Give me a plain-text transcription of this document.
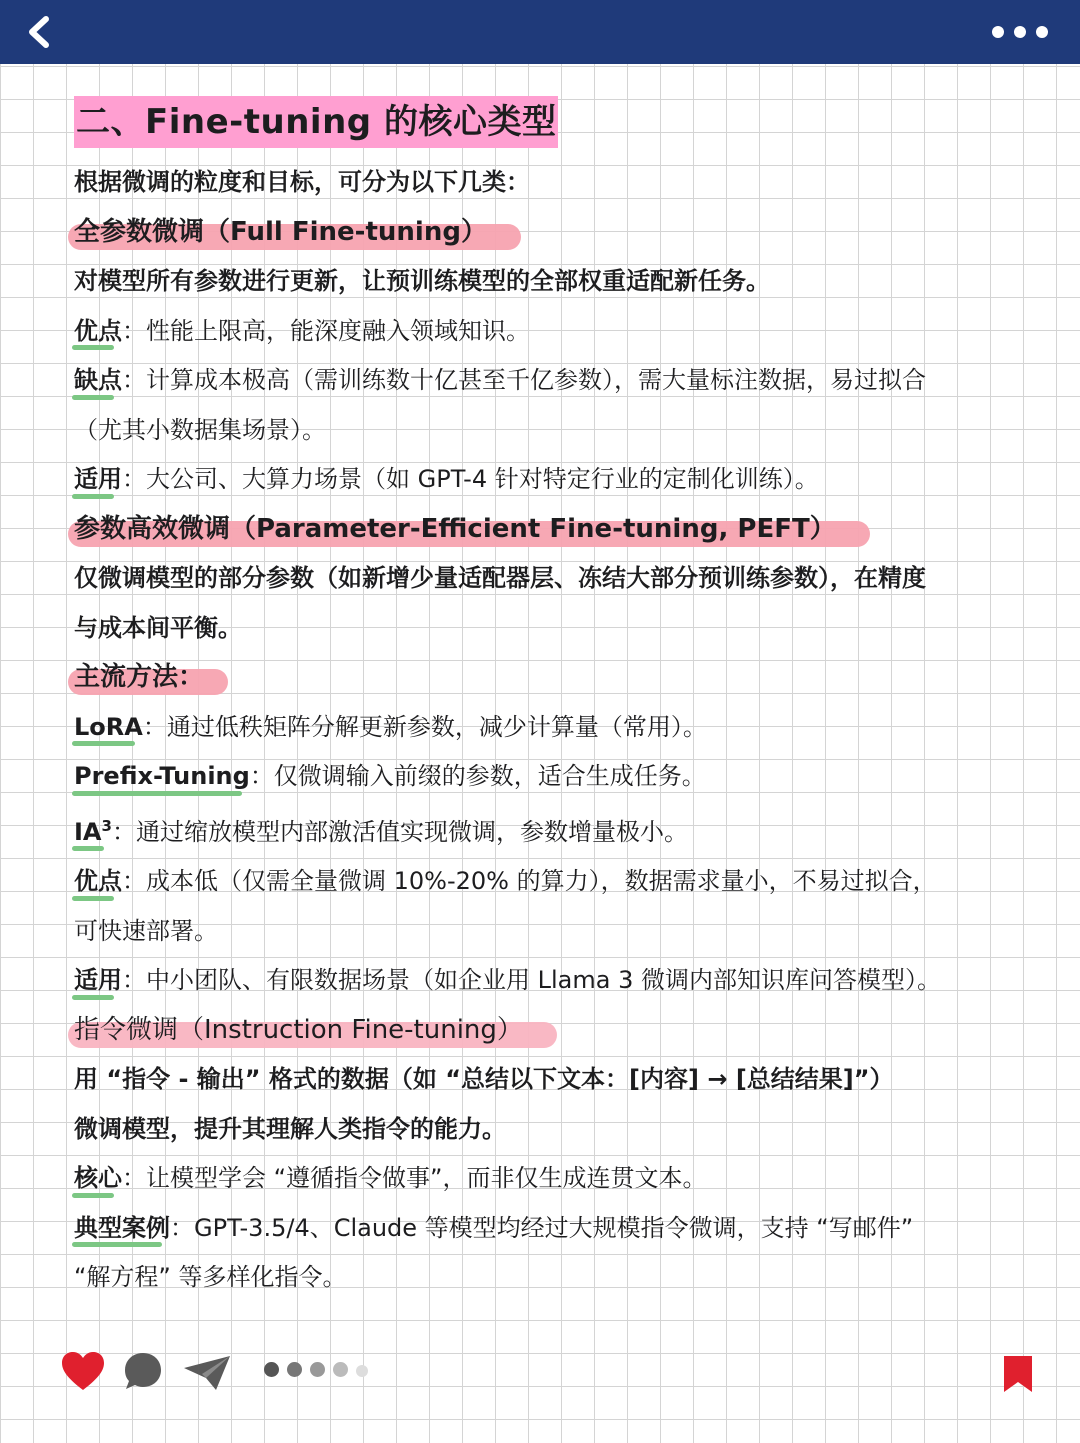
二、Fine-tuning 的核心类型
根据微调的粒度和目标，可分为以下几类：
全参数微调（Full Fine-tuning）
对模型所有参数进行更新，让预训练模型的全部权重适配新任务。
优点：性能上限高，能深度融入领域知识。
缺点：计算成本极高（需训练数十亿甚至千亿参数），需大量标注数据，易过拟合
（尤其小数据集场景）。
适用：大公司、大算力场景（如 GPT-4 针对特定行业的定制化训练）。
参数高效微调（Parameter-Efficient Fine-tuning, PEFT）
仅微调模型的部分参数（如新增少量适配器层、冻结大部分预训练参数），在精度
与成本间平衡。
主流方法：
LoRA：通过低秩矩阵分解更新参数，减少计算量（常用）。
Prefix-Tuning：仅微调输入前缀的参数，适合生成任务。
$IA^3$：通过缩放模型内部激活值实现微调，参数增量极小。
优点：成本低（仅需全量微调 10%-20% 的算力），数据需求量小，不易过拟合，
可快速部署。
适用：中小团队、有限数据场景（如企业用 Llama 3 微调内部知识库问答模型）。
指令微调（Instruction Fine-tuning）
用 “指令 - 输出” 格式的数据（如 “总结以下文本：[内容] → [总结结果]”）
微调模型，提升其理解人类指令的能力。
核心：让模型学会 “遵循指令做事”，而非仅生成连贯文本。
典型案例：GPT-3.5/4、Claude 等模型均经过大规模指令微调，支持 “写邮件”
“解方程” 等多样化指令。
